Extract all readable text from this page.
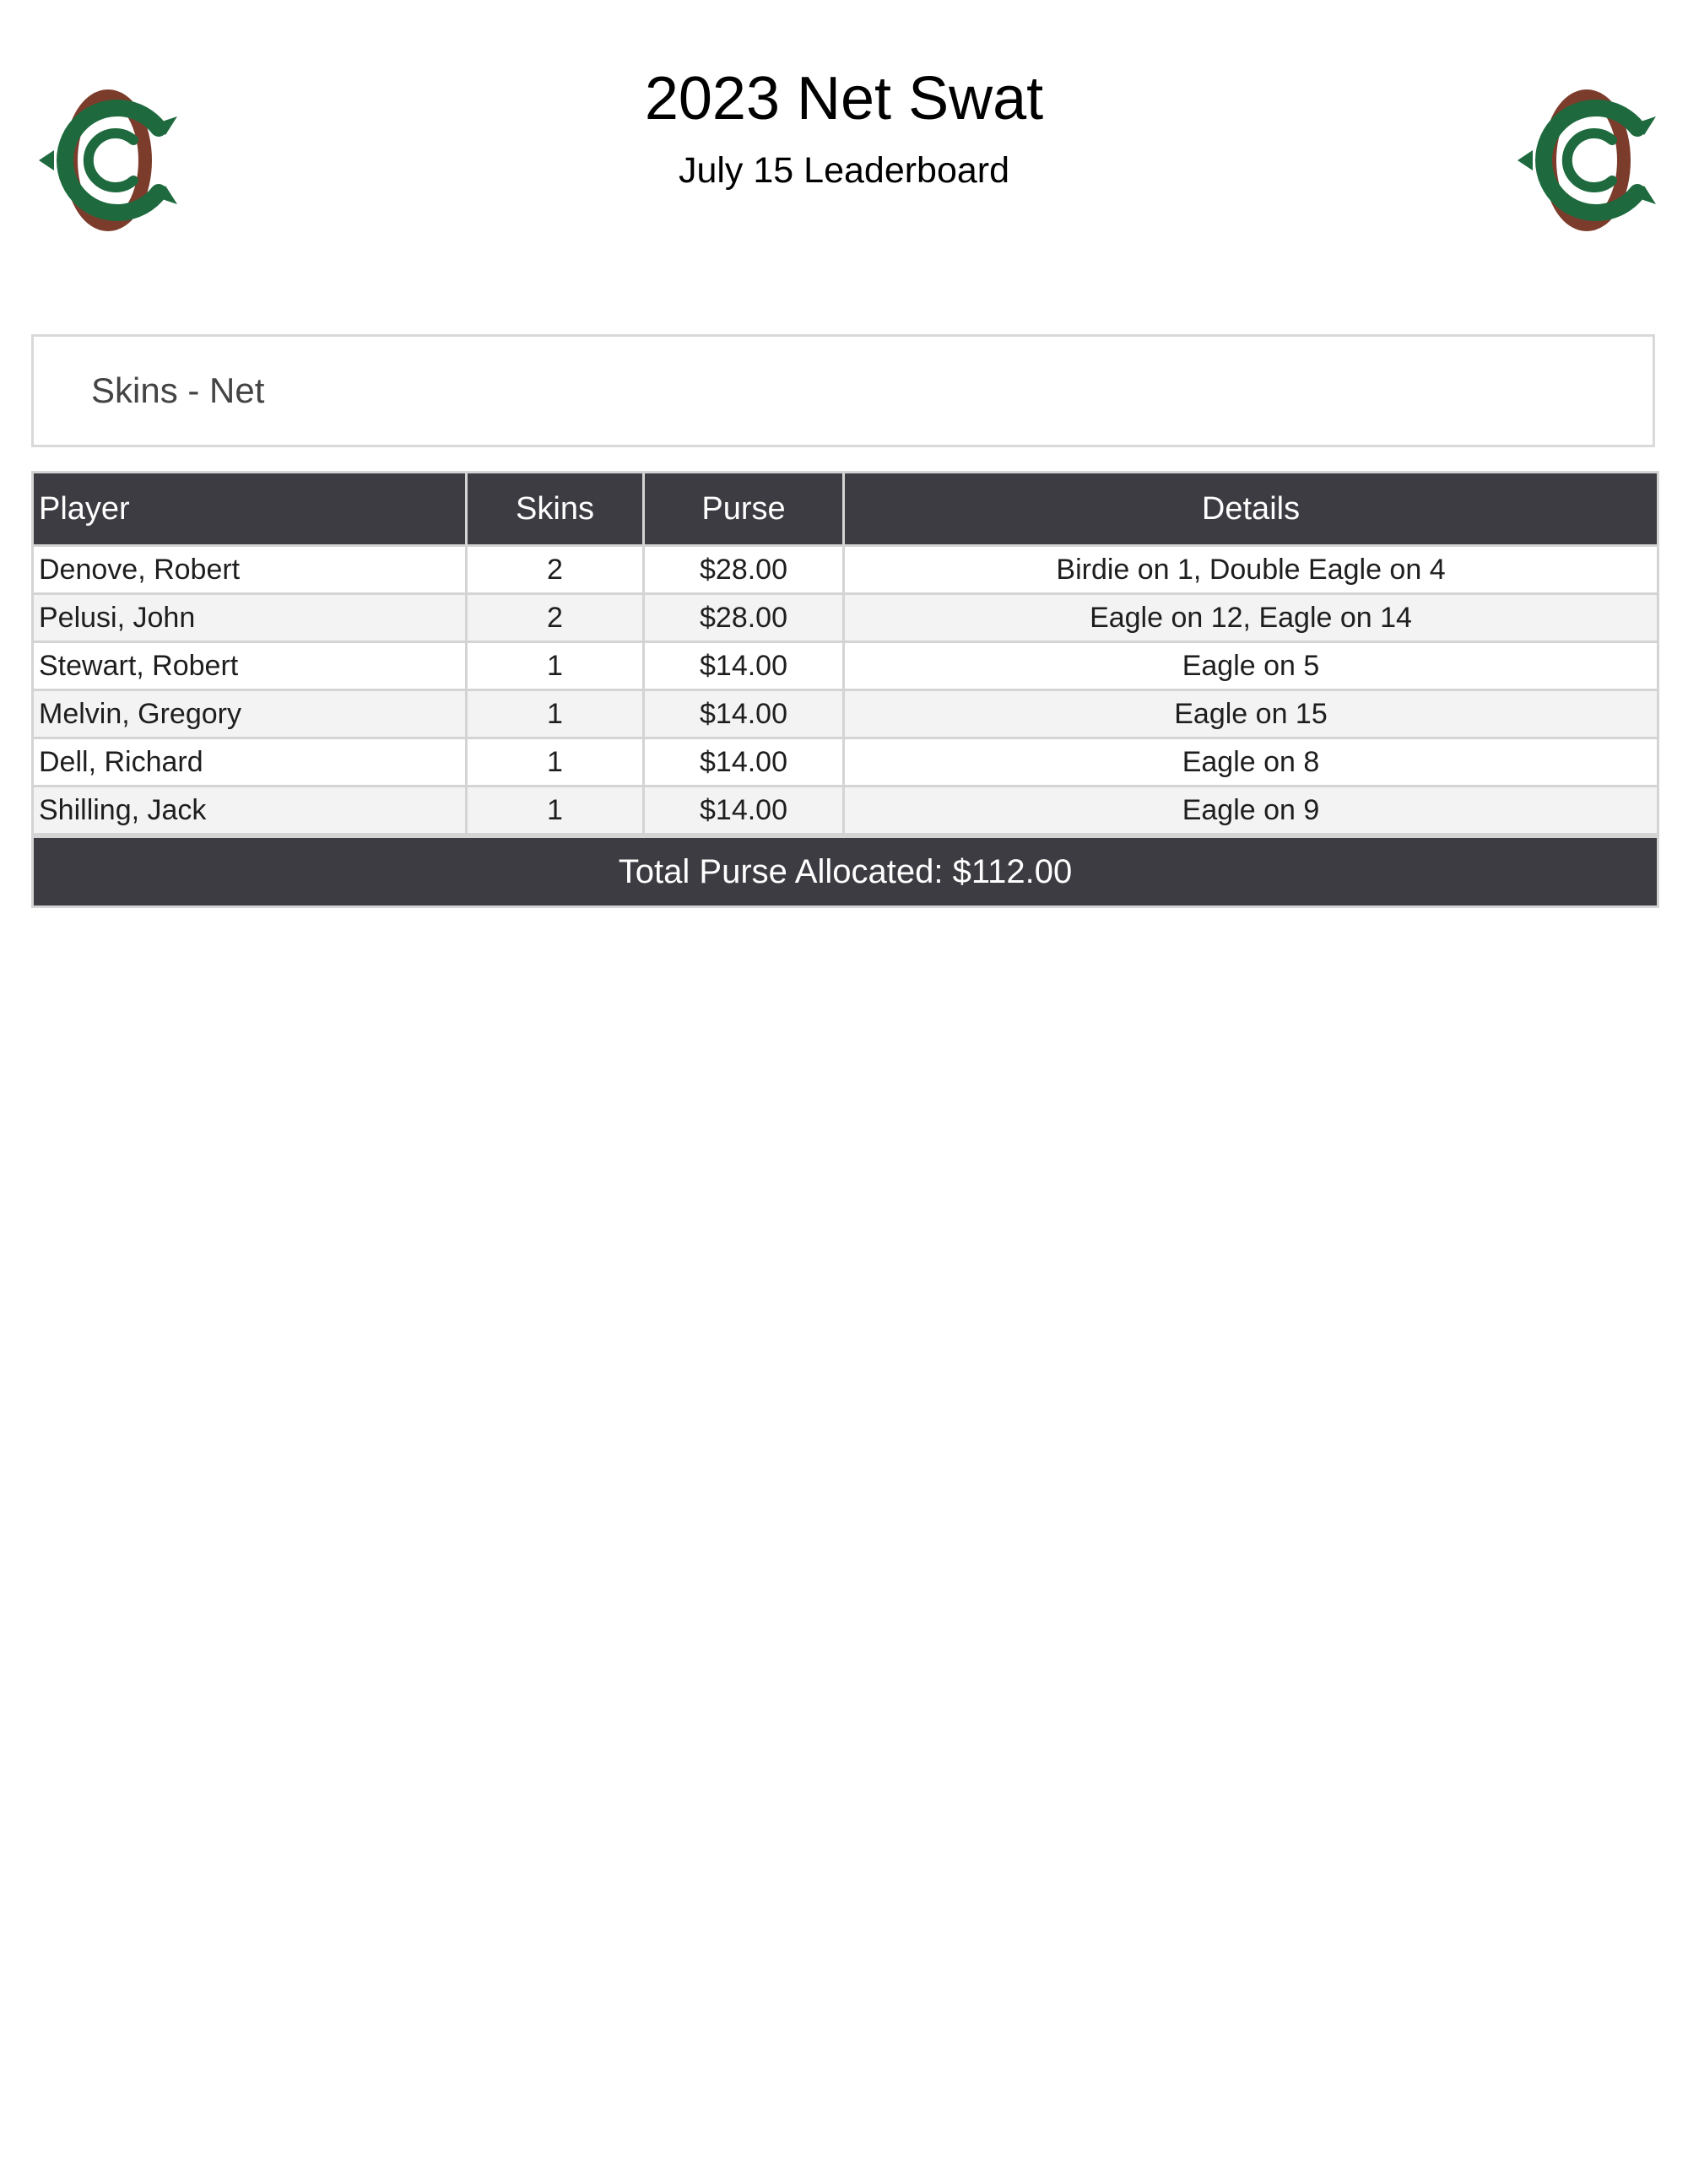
2023 Net Swat
July 15 Leaderboard
Skins - Net
Player	Skins	Purse	Details
Denove, Robert	2	$28.00	Birdie on 1, Double Eagle on 4
Pelusi, John	2	$28.00	Eagle on 12, Eagle on 14
Stewart, Robert	1	$14.00	Eagle on 5
Melvin, Gregory	1	$14.00	Eagle on 15
Dell, Richard	1	$14.00	Eagle on 8
Shilling, Jack	1	$14.00	Eagle on 9
Total Purse Allocated: $112.00			
